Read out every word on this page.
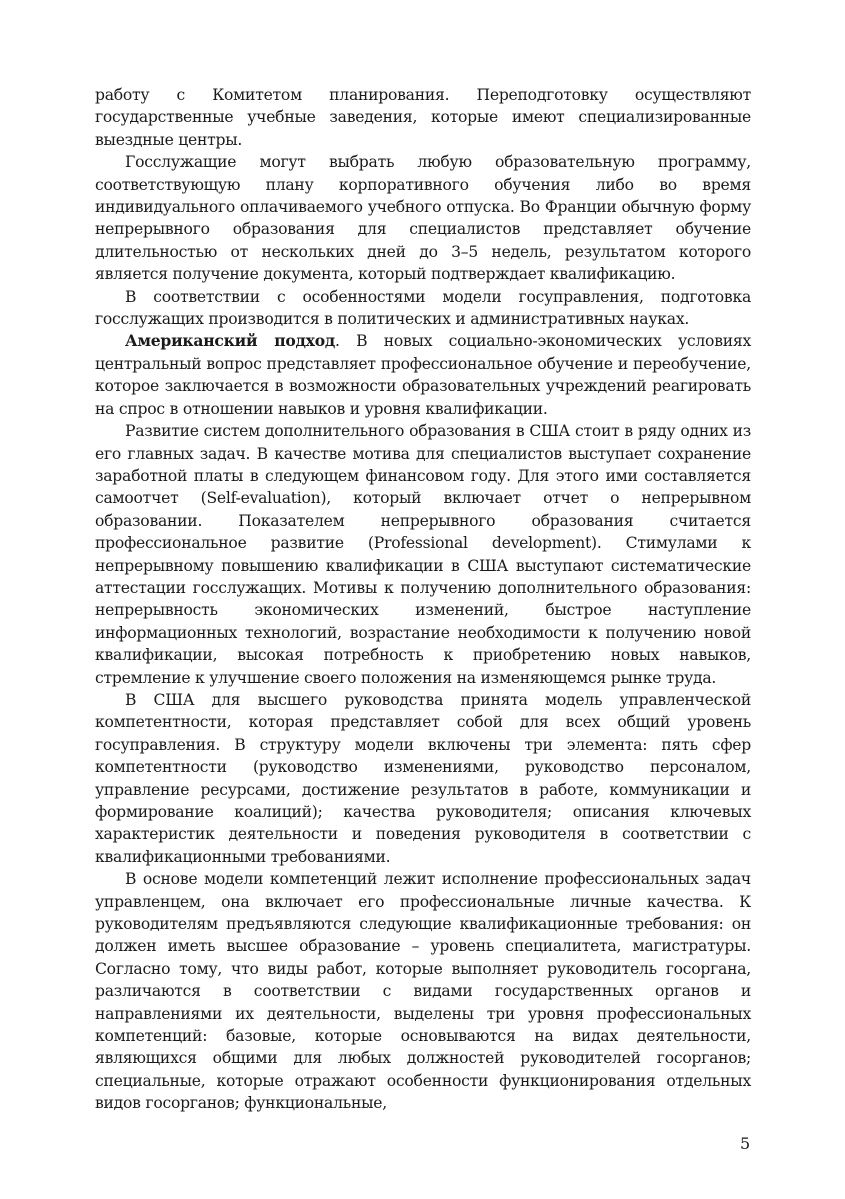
работу с Комитетом планирования. Переподготовку осуществляют государственные учебные заведения, которые имеют специализированные выездные центры.

Госслужащие могут выбрать любую образовательную программу, соответствующую плану корпоративного обучения либо во время индивидуального оплачиваемого учебного отпуска. Во Франции обычную форму непрерывного образования для специалистов представляет обучение длительностью от нескольких дней до 3–5 недель, результатом которого является получение документа, который подтверждает квалификацию.

В соответствии с особенностями модели госуправления, подготовка госслужащих производится в политических и административных науках.

Американский подход. В новых социально-экономических условиях центральный вопрос представляет профессиональное обучение и переобучение, которое заключается в возможности образовательных учреждений реагировать на спрос в отношении навыков и уровня квалификации.

Развитие систем дополнительного образования в США стоит в ряду одних из его главных задач. В качестве мотива для специалистов выступает сохранение заработной платы в следующем финансовом году. Для этого ими составляется самоотчет (Self-evaluation), который включает отчет о непрерывном образовании. Показателем непрерывного образования считается профессиональное развитие (Professional development). Стимулами к непрерывному повышению квалификации в США выступают систематические аттестации госслужащих. Мотивы к получению дополнительного образования: непрерывность экономических изменений, быстрое наступление информационных технологий, возрастание необходимости к получению новой квалификации, высокая потребность к приобретению новых навыков, стремление к улучшение своего положения на изменяющемся рынке труда.

В США для высшего руководства принята модель управленческой компетентности, которая представляет собой для всех общий уровень госуправления. В структуру модели включены три элемента: пять сфер компетентности (руководство изменениями, руководство персоналом, управление ресурсами, достижение результатов в работе, коммуникации и формирование коалиций); качества руководителя; описания ключевых характеристик деятельности и поведения руководителя в соответствии с квалификационными требованиями.

В основе модели компетенций лежит исполнение профессиональных задач управленцем, она включает его профессиональные личные качества. К руководителям предъявляются следующие квалификационные требования: он должен иметь высшее образование – уровень специалитета, магистратуры. Согласно тому, что виды работ, которые выполняет руководитель госоргана, различаются в соответствии с видами государственных органов и направлениями их деятельности, выделены три уровня профессиональных компетенций: базовые, которые основываются на видах деятельности, являющихся общими для любых должностей руководителей госорганов; специальные, которые отражают особенности функционирования отдельных видов госорганов; функциональные,

5
